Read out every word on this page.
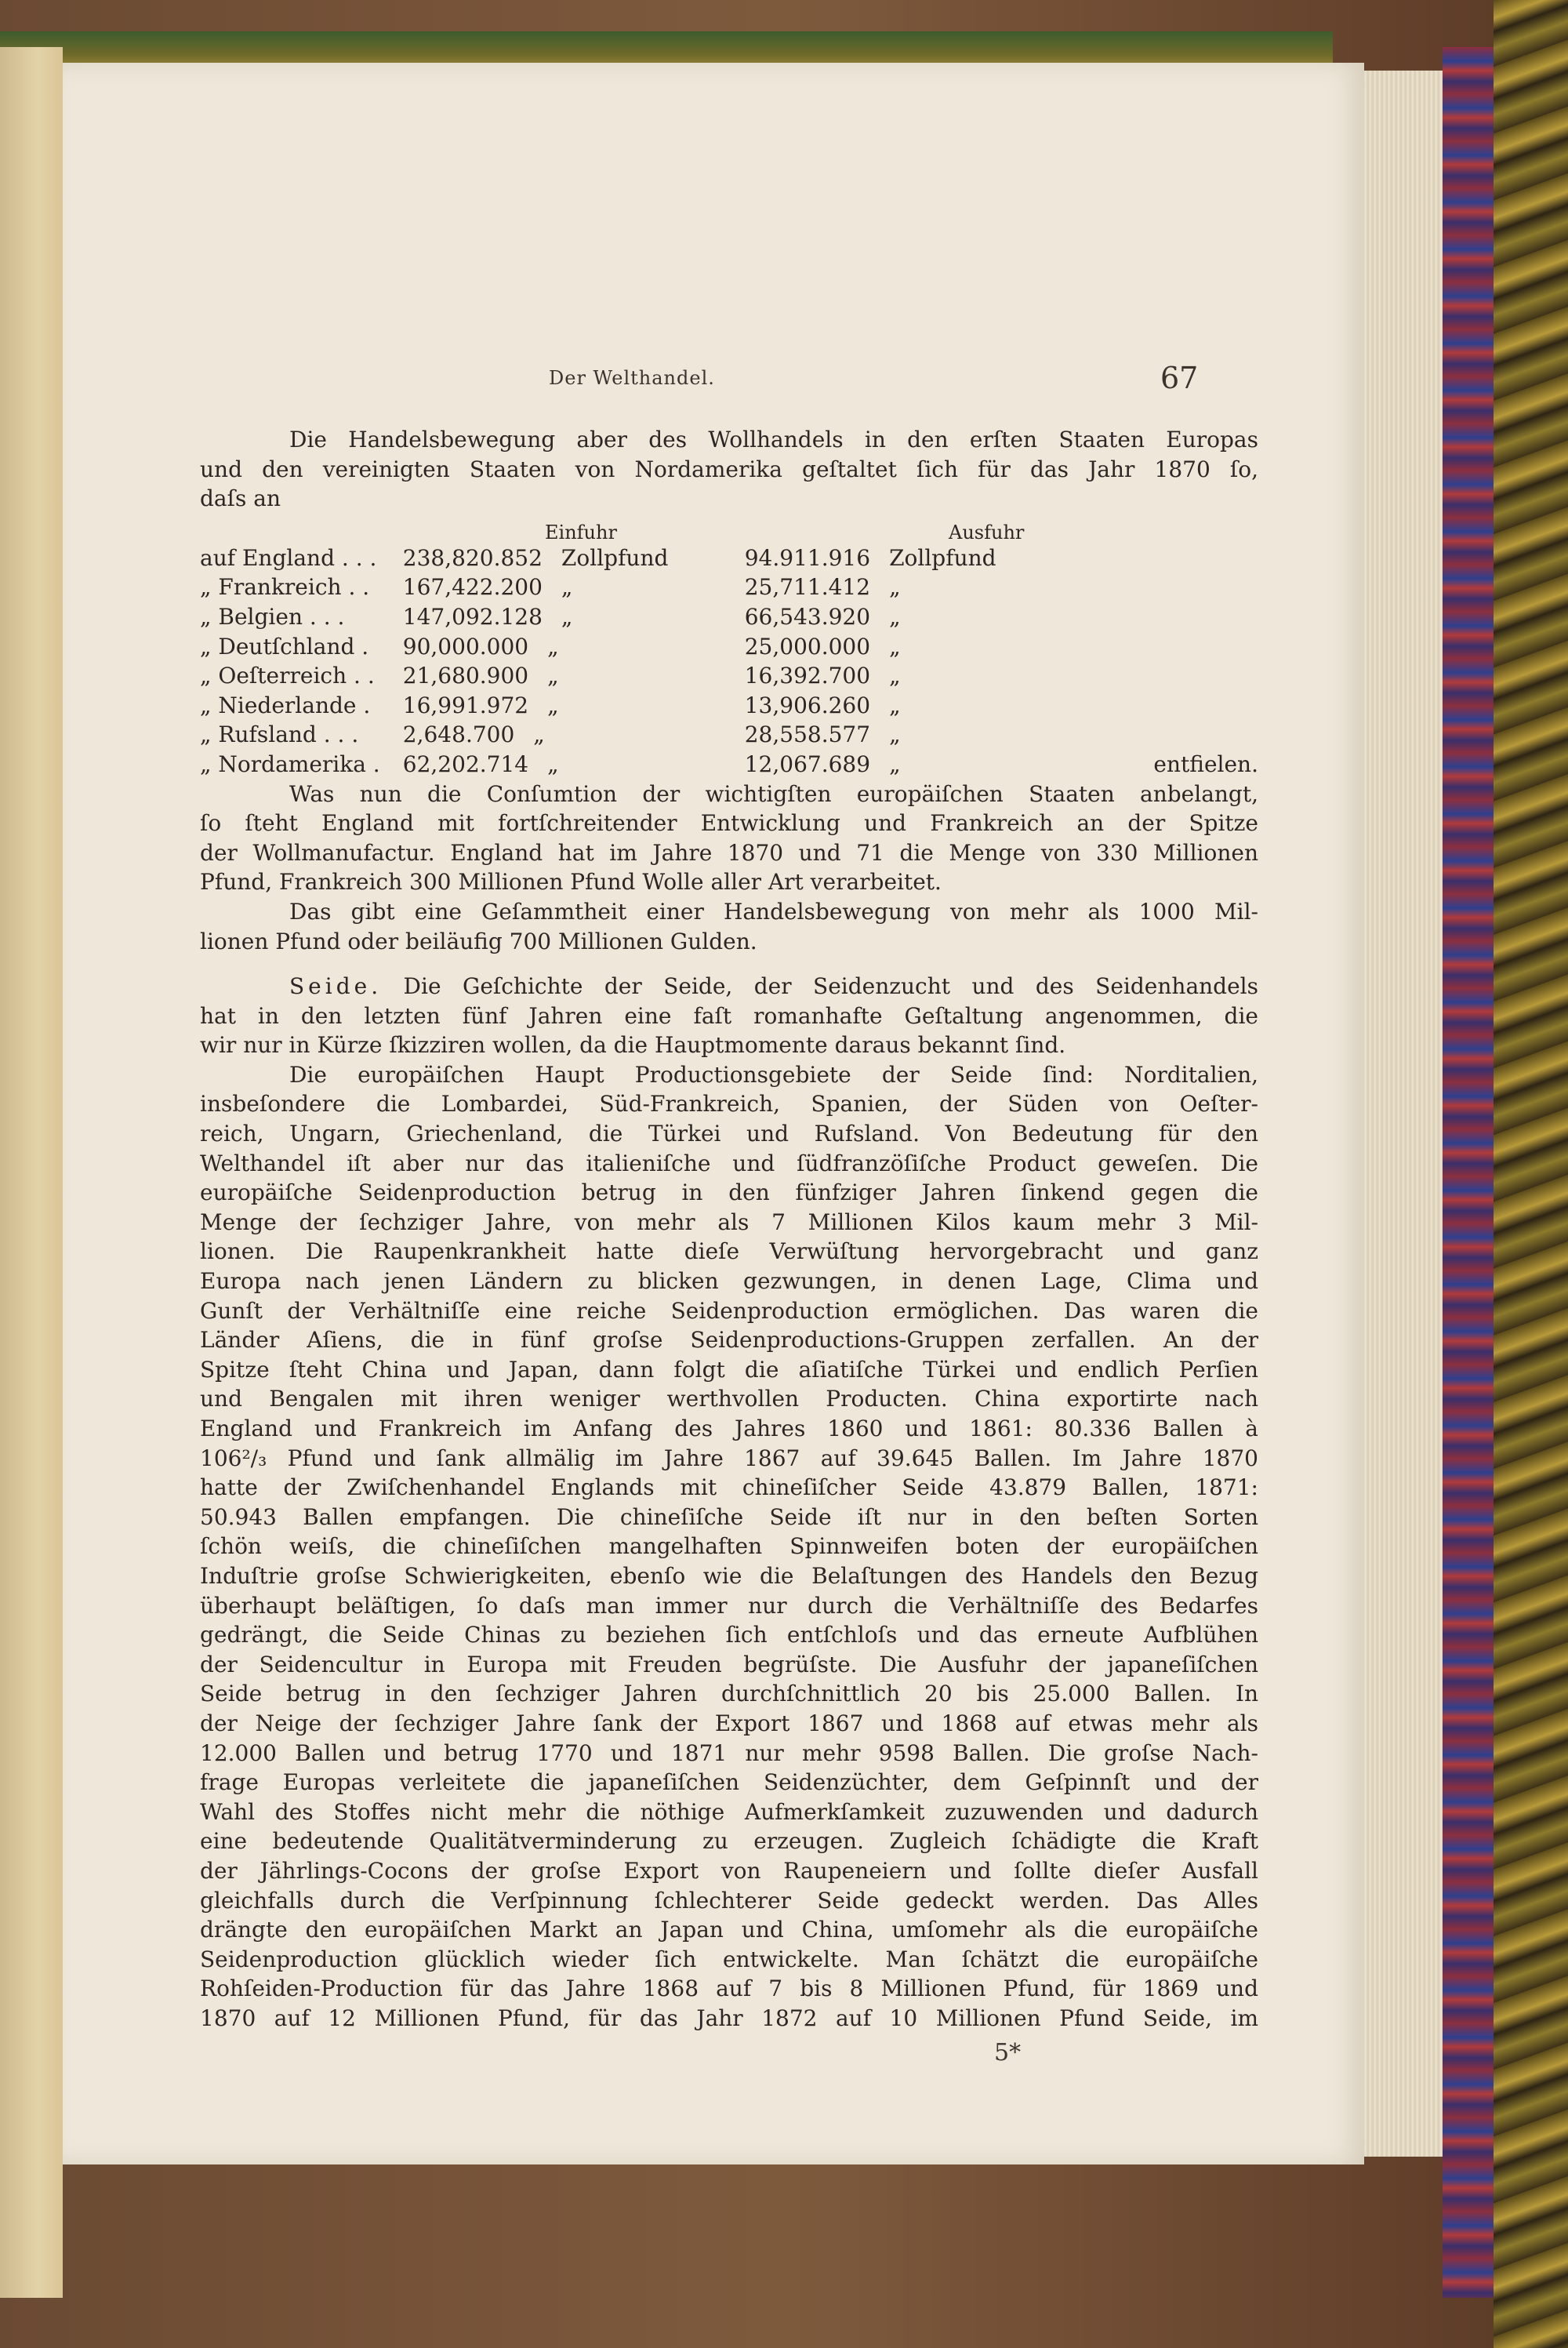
Der Welthandel.	67
Die Handelsbewegung aber des Wollhandels in den erſten Staaten Europas
und den vereinigten Staaten von Nordamerika geſtaltet ſich für das Jahr 1870 ſo,
daſs an
Einfuhr	Ausfuhr
auf England . . .	238,820.852 Zollpfund	94.911.916 Zollpfund	
„ Frankreich . .	167,422.200 „	25,711.412 „	
„ Belgien . . .	147,092.128 „	66,543.920 „	
„ Deutſchland .	90,000.000 „	25,000.000 „	
„ Oeſterreich . .	21,680.900 „	16,392.700 „	
„ Niederlande .	16,991.972 „	13,906.260 „	
„ Rufsland . . .	2,648.700 „	28,558.577 „	
„ Nordamerika .	62,202.714 „	12,067.689 „	entfielen.
Was nun die Conſumtion der wichtigſten europäiſchen Staaten anbelangt,
ſo ſteht England mit fortſchreitender Entwicklung und Frankreich an der Spitze
der Wollmanufactur. England hat im Jahre 1870 und 71 die Menge von 330 Millionen
Pfund, Frankreich 300 Millionen Pfund Wolle aller Art verarbeitet.
Das gibt eine Geſammtheit einer Handelsbewegung von mehr als 1000 Mil-
lionen Pfund oder beiläufig 700 Millionen Gulden.
Seide. Die Geſchichte der Seide, der Seidenzucht und des Seidenhandels
hat in den letzten fünf Jahren eine faſt romanhafte Geſtaltung angenommen, die
wir nur in Kürze ſkizziren wollen, da die Hauptmomente daraus bekannt ſind.
Die europäiſchen Haupt Productionsgebiete der Seide ſind: Norditalien,
insbeſondere die Lombardei, Süd-Frankreich, Spanien, der Süden von Oeſter-
reich, Ungarn, Griechenland, die Türkei und Rufsland. Von Bedeutung für den
Welthandel iſt aber nur das italieniſche und ſüdfranzöſiſche Product geweſen. Die
europäiſche Seidenproduction betrug in den fünfziger Jahren ſinkend gegen die
Menge der ſechziger Jahre, von mehr als 7 Millionen Kilos kaum mehr 3 Mil-
lionen. Die Raupenkrankheit hatte dieſe Verwüſtung hervorgebracht und ganz
Europa nach jenen Ländern zu blicken gezwungen, in denen Lage, Clima und
Gunſt der Verhältniſſe eine reiche Seidenproduction ermöglichen. Das waren die
Länder Aſiens, die in fünf groſse Seidenproductions-Gruppen zerfallen. An der
Spitze ſteht China und Japan, dann folgt die aſiatiſche Türkei und endlich Perſien
und Bengalen mit ihren weniger werthvollen Producten. China exportirte nach
England und Frankreich im Anfang des Jahres 1860 und 1861: 80.336 Ballen à
106²/₃ Pfund und ſank allmälig im Jahre 1867 auf 39.645 Ballen. Im Jahre 1870
hatte der Zwiſchenhandel Englands mit chineſiſcher Seide 43.879 Ballen, 1871:
50.943 Ballen empfangen. Die chineſiſche Seide iſt nur in den beſten Sorten
ſchön weiſs, die chineſiſchen mangelhaften Spinnweifen boten der europäiſchen
Induſtrie groſse Schwierigkeiten, ebenſo wie die Belaſtungen des Handels den Bezug
überhaupt beläſtigen, ſo daſs man immer nur durch die Verhältniſſe des Bedarfes
gedrängt, die Seide Chinas zu beziehen ſich entſchloſs und das erneute Aufblühen
der Seidencultur in Europa mit Freuden begrüſste. Die Ausfuhr der japaneſiſchen
Seide betrug in den ſechziger Jahren durchſchnittlich 20 bis 25.000 Ballen. In
der Neige der ſechziger Jahre ſank der Export 1867 und 1868 auf etwas mehr als
12.000 Ballen und betrug 1770 und 1871 nur mehr 9598 Ballen. Die groſse Nach-
frage Europas verleitete die japaneſiſchen Seidenzüchter, dem Geſpinnſt und der
Wahl des Stoffes nicht mehr die nöthige Aufmerkſamkeit zuzuwenden und dadurch
eine bedeutende Qualitätverminderung zu erzeugen. Zugleich ſchädigte die Kraft
der Jährlings-Cocons der groſse Export von Raupeneiern und ſollte dieſer Ausfall
gleichfalls durch die Verſpinnung ſchlechterer Seide gedeckt werden. Das Alles
drängte den europäiſchen Markt an Japan und China, umſomehr als die europäiſche
Seidenproduction glücklich wieder ſich entwickelte. Man ſchätzt die europäiſche
Rohſeiden-Production für das Jahre 1868 auf 7 bis 8 Millionen Pfund, für 1869 und
1870 auf 12 Millionen Pfund, für das Jahr 1872 auf 10 Millionen Pfund Seide, im
5*
